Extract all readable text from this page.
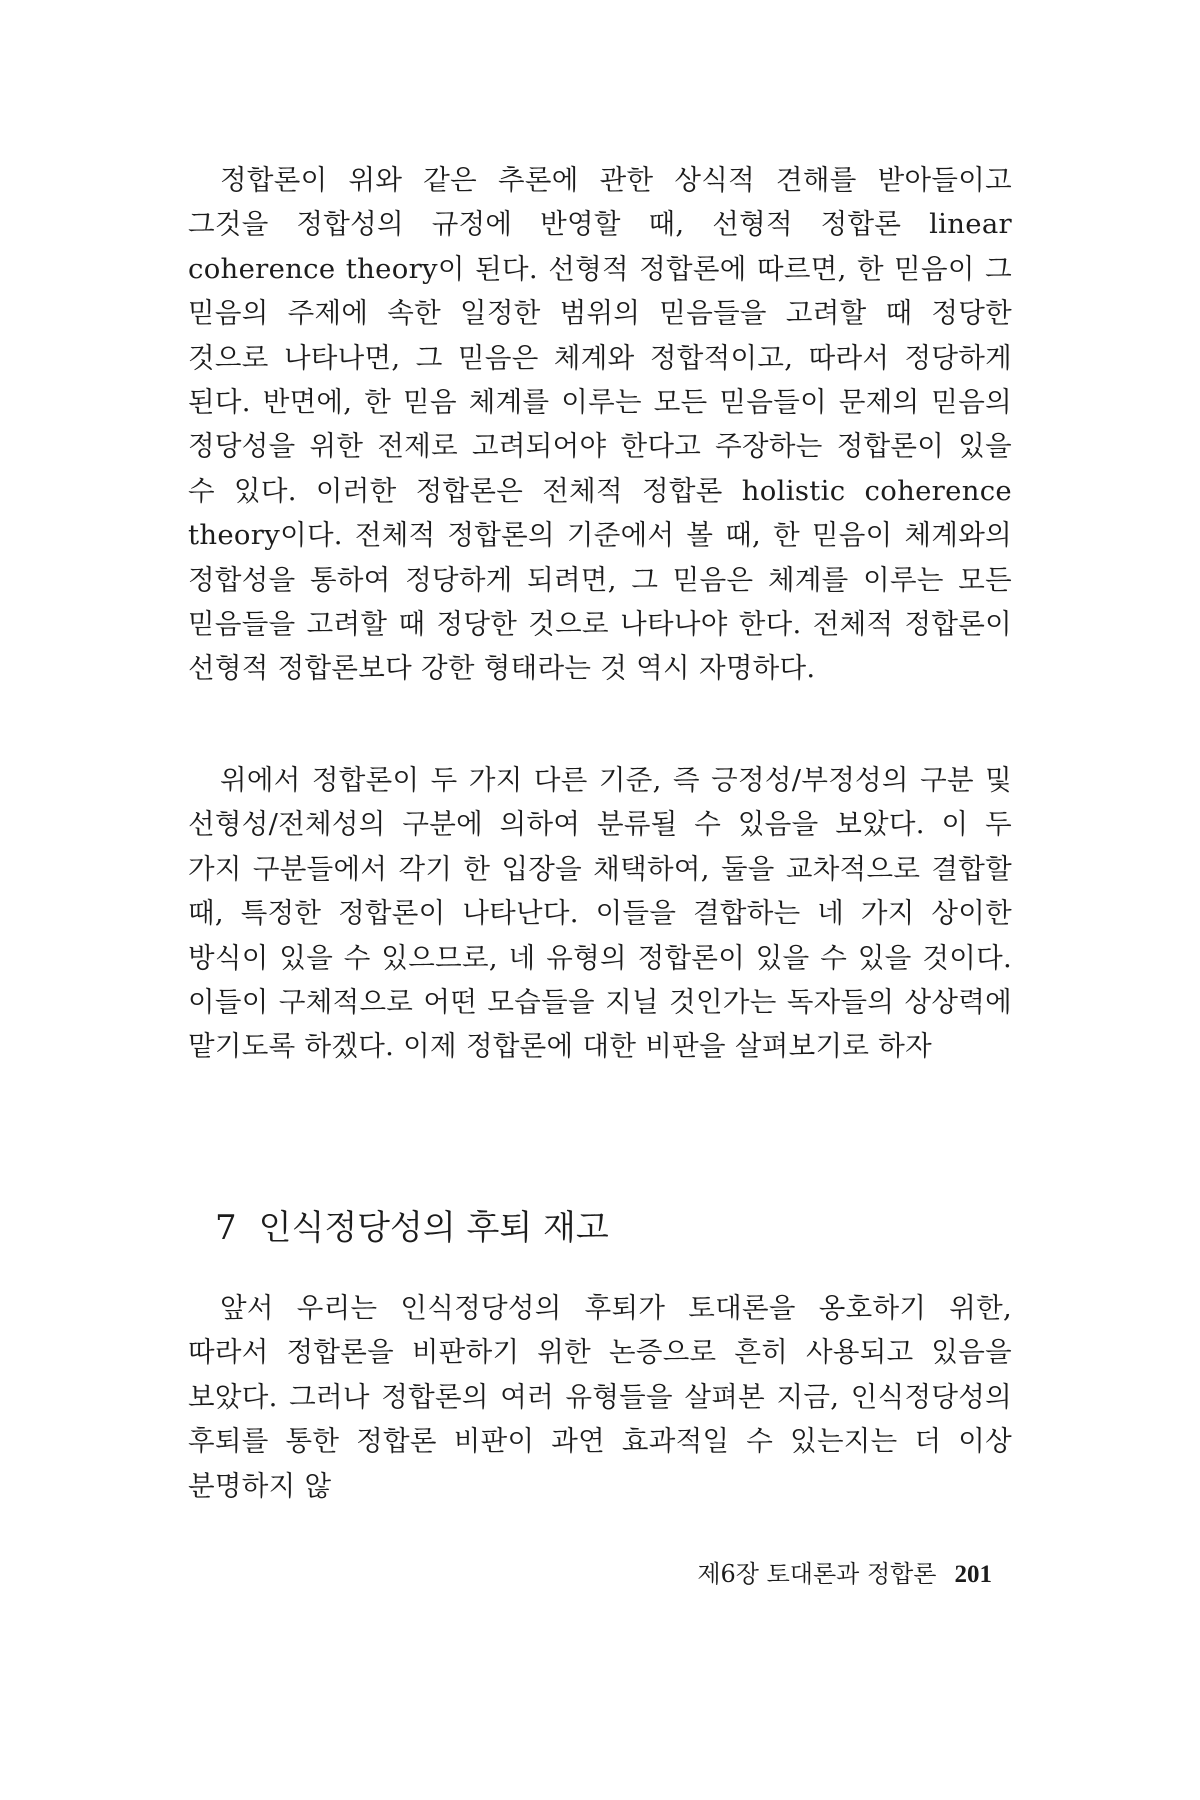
정합론이 위와 같은 추론에 관한 상식적 견해를 받아들이고 그것을 정합성의 규정에 반영할 때, 선형적 정합론 linear coherence theory이 된다. 선형적 정합론에 따르면, 한 믿음이 그 믿음의 주제에 속한 일정한 범위의 믿음들을 고려할 때 정당한 것으로 나타나면, 그 믿음은 체계와 정합적이고, 따라서 정당하게 된다. 반면에, 한 믿음 체계를 이루는 모든 믿음들이 문제의 믿음의 정당성을 위한 전제로 고려되어야 한다고 주장하는 정합론이 있을 수 있다. 이러한 정합론은 전체적 정합론 holistic coherence theory이다. 전체적 정합론의 기준에서 볼 때, 한 믿음이 체계와의 정합성을 통하여 정당하게 되려면, 그 믿음은 체계를 이루는 모든 믿음들을 고려할 때 정당한 것으로 나타나야 한다. 전체적 정합론이 선형적 정합론보다 강한 형태라는 것 역시 자명하다.

위에서 정합론이 두 가지 다른 기준, 즉 긍정성/부정성의 구분 및 선형성/전체성의 구분에 의하여 분류될 수 있음을 보았다. 이 두 가지 구분들에서 각기 한 입장을 채택하여, 둘을 교차적으로 결합할 때, 특정한 정합론이 나타난다. 이들을 결합하는 네 가지 상이한 방식이 있을 수 있으므로, 네 유형의 정합론이 있을 수 있을 것이다. 이들이 구체적으로 어떤 모습들을 지닐 것인가는 독자들의 상상력에 맡기도록 하겠다. 이제 정합론에 대한 비판을 살펴보기로 하자

7 인식정당성의 후퇴 재고

앞서 우리는 인식정당성의 후퇴가 토대론을 옹호하기 위한, 따라서 정합론을 비판하기 위한 논증으로 흔히 사용되고 있음을 보았다. 그러나 정합론의 여러 유형들을 살펴본 지금, 인식정당성의 후퇴를 통한 정합론 비판이 과연 효과적일 수 있는지는 더 이상 분명하지 않

제6장 토대론과 정합론 201
